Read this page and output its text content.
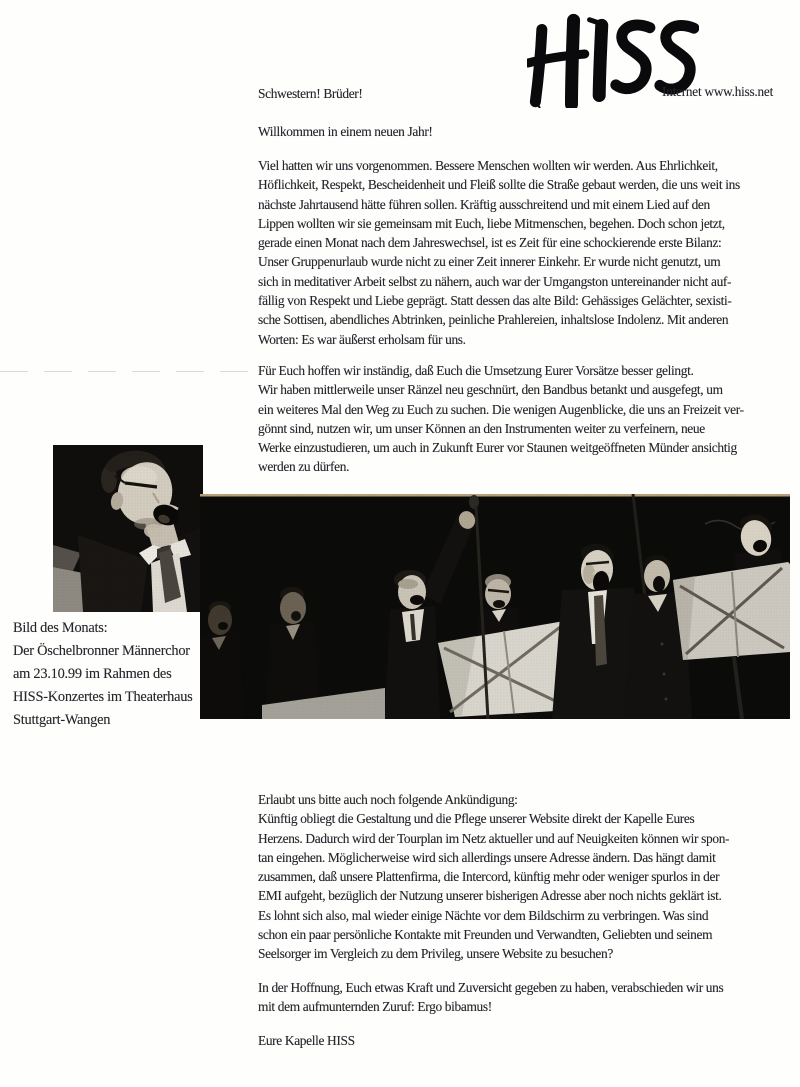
Internet www.hiss.net
Schwestern! Brüder!
Willkommen in einem neuen Jahr!
Viel hatten wir uns vorgenommen. Bessere Menschen wollten wir werden. Aus Ehrlichkeit,
Höflichkeit, Respekt, Bescheidenheit und Fleiß sollte die Straße gebaut werden, die uns weit ins
nächste Jahrtausend hätte führen sollen. Kräftig ausschreitend und mit einem Lied auf den
Lippen wollten wir sie gemeinsam mit Euch, liebe Mitmenschen, begehen. Doch schon jetzt,
gerade einen Monat nach dem Jahreswechsel, ist es Zeit für eine schockierende erste Bilanz:
Unser Gruppenurlaub wurde nicht zu einer Zeit innerer Einkehr. Er wurde nicht genutzt, um
sich in meditativer Arbeit selbst zu nähern, auch war der Umgangston untereinander nicht auf-
fällig von Respekt und Liebe geprägt. Statt dessen das alte Bild: Gehässiges Gelächter, sexisti-
sche Sottisen, abendliches Abtrinken, peinliche Prahlereien, inhaltslose Indolenz. Mit anderen
Worten: Es war äußerst erholsam für uns.
Für Euch hoffen wir inständig, daß Euch die Umsetzung Eurer Vorsätze besser gelingt.
Wir haben mittlerweile unser Ränzel neu geschnürt, den Bandbus betankt und ausgefegt, um
ein weiteres Mal den Weg zu Euch zu suchen. Die wenigen Augenblicke, die uns an Freizeit ver-
gönnt sind, nutzen wir, um unser Können an den Instrumenten weiter zu verfeinern, neue
Werke einzustudieren, um auch in Zukunft Eurer vor Staunen weitgeöffneten Münder ansichtig
werden zu dürfen.
Bild des Monats:
Der Öschelbronner Männerchor
am 23.10.99 im Rahmen des
HISS-Konzertes im Theaterhaus
Stuttgart-Wangen
Erlaubt uns bitte auch noch folgende Ankündigung:
Künftig obliegt die Gestaltung und die Pflege unserer Website direkt der Kapelle Eures
Herzens. Dadurch wird der Tourplan im Netz aktueller und auf Neuigkeiten können wir spon-
tan eingehen. Möglicherweise wird sich allerdings unsere Adresse ändern. Das hängt damit
zusammen, daß unsere Plattenfirma, die Intercord, künftig mehr oder weniger spurlos in der
EMI aufgeht, bezüglich der Nutzung unserer bisherigen Adresse aber noch nichts geklärt ist.
Es lohnt sich also, mal wieder einige Nächte vor dem Bildschirm zu verbringen. Was sind
schon ein paar persönliche Kontakte mit Freunden und Verwandten, Geliebten und seinem
Seelsorger im Vergleich zu dem Privileg, unsere Website zu besuchen?
In der Hoffnung, Euch etwas Kraft und Zuversicht gegeben zu haben, verabschieden wir uns
mit dem aufmunternden Zuruf: Ergo bibamus!
Eure Kapelle HISS
